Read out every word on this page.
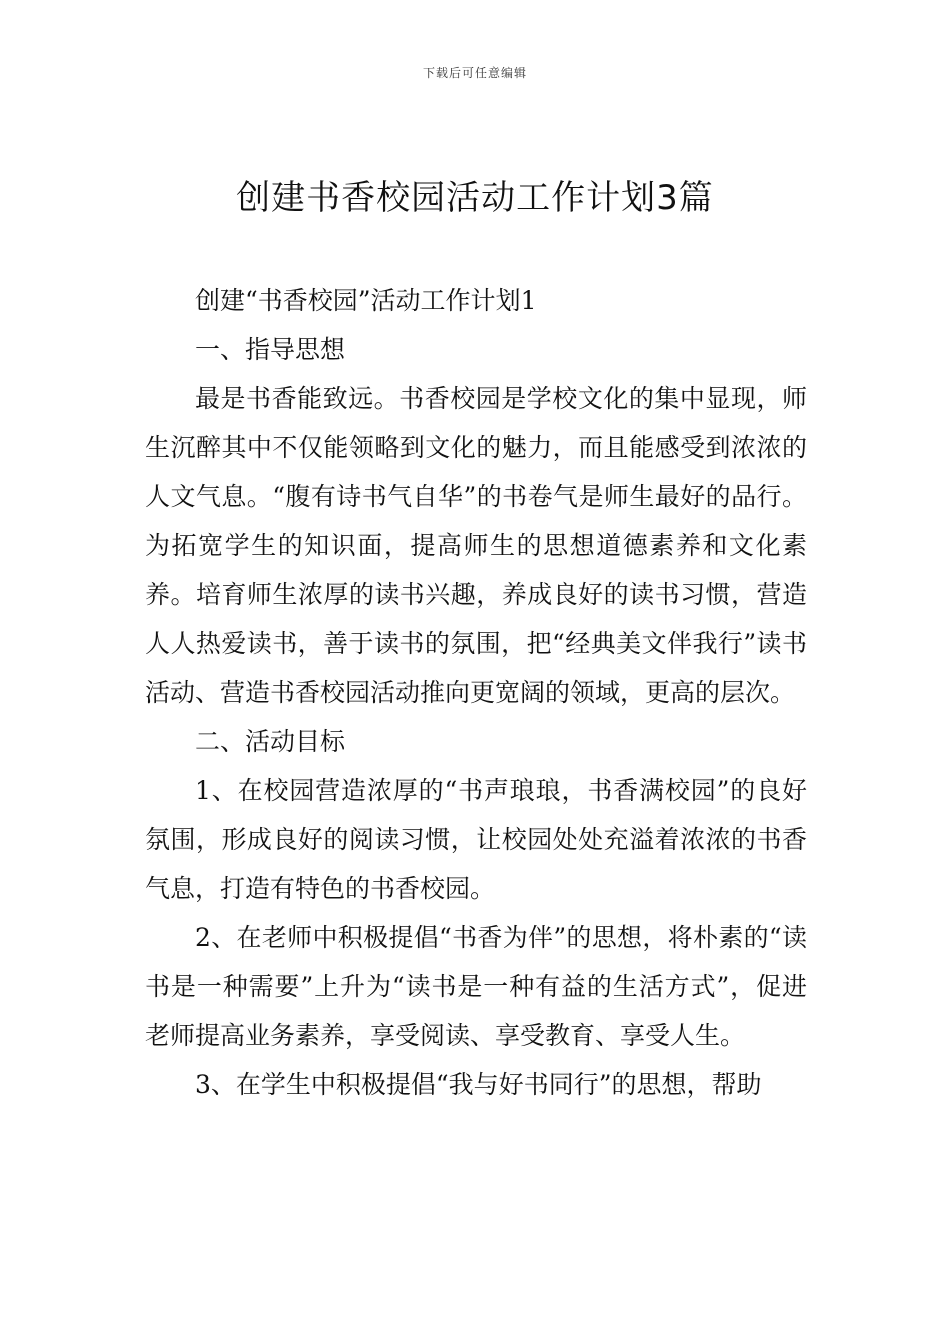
下载后可任意编辑
创建书香校园活动工作计划3篇

创建“书香校园”活动工作计划1

一、指导思想

最是书香能致远。书香校园是学校文化的集中显现，师生沉醉其中不仅能领略到文化的魅力，而且能感受到浓浓的人文气息。“腹有诗书气自华”的书卷气是师生最好的品行。为拓宽学生的知识面，提高师生的思想道德素养和文化素养。培育师生浓厚的读书兴趣，养成良好的读书习惯，营造人人热爱读书，善于读书的氛围，把“经典美文伴我行”读书活动、营造书香校园活动推向更宽阔的领域，更高的层次。

二、活动目标

1、在校园营造浓厚的“书声琅琅，书香满校园”的良好氛围，形成良好的阅读习惯，让校园处处充溢着浓浓的书香气息，打造有特色的书香校园。

2、在老师中积极提倡“书香为伴”的思想，将朴素的“读书是一种需要”上升为“读书是一种有益的生活方式”，促进老师提高业务素养，享受阅读、享受教育、享受人生。

3、在学生中积极提倡“我与好书同行”的思想，帮助
